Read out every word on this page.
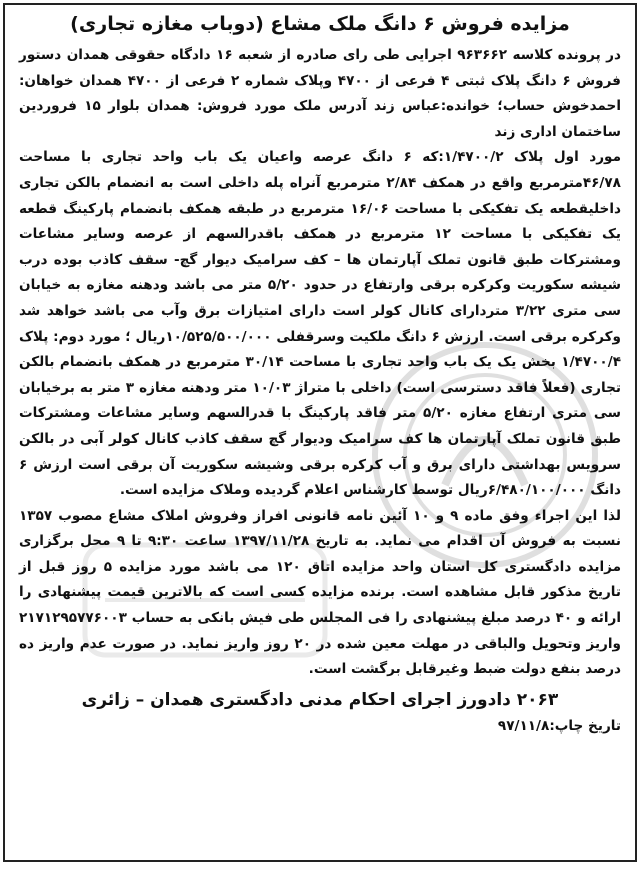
مزایده فروش ۶ دانگ ملک مشاع (دوباب مغازه تجاری)

در پرونده کلاسه ۹۶۳۶۶۲ اجرایی طی رای صادره از شعبه ۱۶ دادگاه حقوقی همدان دستور فروش ۶ دانگ پلاک ثبتی ۴ فرعی از ۴۷۰۰ وپلاک شماره ۲ فرعی از ۴۷۰۰ همدان خواهان: احمدخوش حساب؛ خوانده:عباس زند آدرس ملک مورد فروش: همدان بلوار ۱۵ فروردین ساختمان اداری زند

مورد اول پلاک ۱/۴۷۰۰/۲:که ۶ دانگ عرصه واعیان یک باب واحد تجاری با مساحت ۴۶/۷۸مترمربع واقع در همکف ۲/۸۴ مترمربع آنراه پله داخلی است به انضمام بالکن تجاری داخلیقطعه یک تفکیکی با مساحت ۱۶/۰۶ مترمربع در طبقه همکف بانضمام پارکینگ قطعه یک تفکیکی با مساحت ۱۲ مترمربع در همکف باقدرالسهم از عرصه وسایر مشاعات ومشترکات طبق قانون تملک آپارتمان ها – کف سرامیک دیوار گچ- سقف کاذب بوده درب شیشه سکوریت وکرکره برقی وارتفاع در حدود ۵/۲۰ متر می باشد ودهنه مغازه به خیابان سی متری ۳/۲۲ متردارای کانال کولر است دارای امتیازات برق وآب می باشد خواهد شد وکرکره برقی است. ارزش ۶ دانگ ملکیت وسرقفلی ۱۰/۵۲۵/۵۰۰/۰۰۰ریال ؛ مورد دوم: پلاک ۱/۴۷۰۰/۴ بخش یک یک باب واحد تجاری با مساحت ۳۰/۱۴ مترمربع در همکف بانضمام بالکن تجاری (فعلاً فاقد دسترسی است) داخلی با متراژ ۱۰/۰۳ متر ودهنه مغازه ۳ متر به برخیابان سی متری ارتفاع مغازه ۵/۲۰ متر فاقد پارکینگ با قدرالسهم وسایر مشاعات ومشترکات طبق قانون تملک آپارتمان ها کف سرامیک ودیوار گچ سقف کاذب کانال کولر آبی در بالکن سرویس بهداشتی دارای برق و آب کرکره برقی وشیشه سکوریت آن برقی است ارزش ۶ دانگ ۶/۴۸۰/۱۰۰/۰۰۰ریال توسط کارشناس اعلام گردیده وملاک مزایده است.

لذا این اجراء وفق ماده ۹ و ۱۰ آئین نامه قانونی افراز وفروش املاک مشاع مصوب ۱۳۵۷ نسبت به فروش آن اقدام می نماید. به تاریخ ۱۳۹۷/۱۱/۲۸ ساعت ۹:۳۰ تا ۹ محل برگزاری مزایده دادگستری کل استان واحد مزایده اتاق ۱۲۰ می باشد مورد مزایده ۵ روز قبل از تاریخ مذکور قابل مشاهده است. برنده مزایده کسی است که بالاترین قیمت پیشنهادی را ارائه و ۴۰ درصد مبلغ پیشنهادی را فی المجلس طی فیش بانکی به حساب ۲۱۷۱۲۹۵۷۷۶۰۰۳ واریز وتحویل والباقی در مهلت معین شده در ۲۰ روز واریز نماید. در صورت عدم واریز ده درصد بنفع دولت ضبط وغیرقابل برگشت است.

۲۰۶۳ دادورز اجرای احکام مدنی دادگستری همدان – زائری
تاریخ چاپ:۹۷/۱۱/۸
